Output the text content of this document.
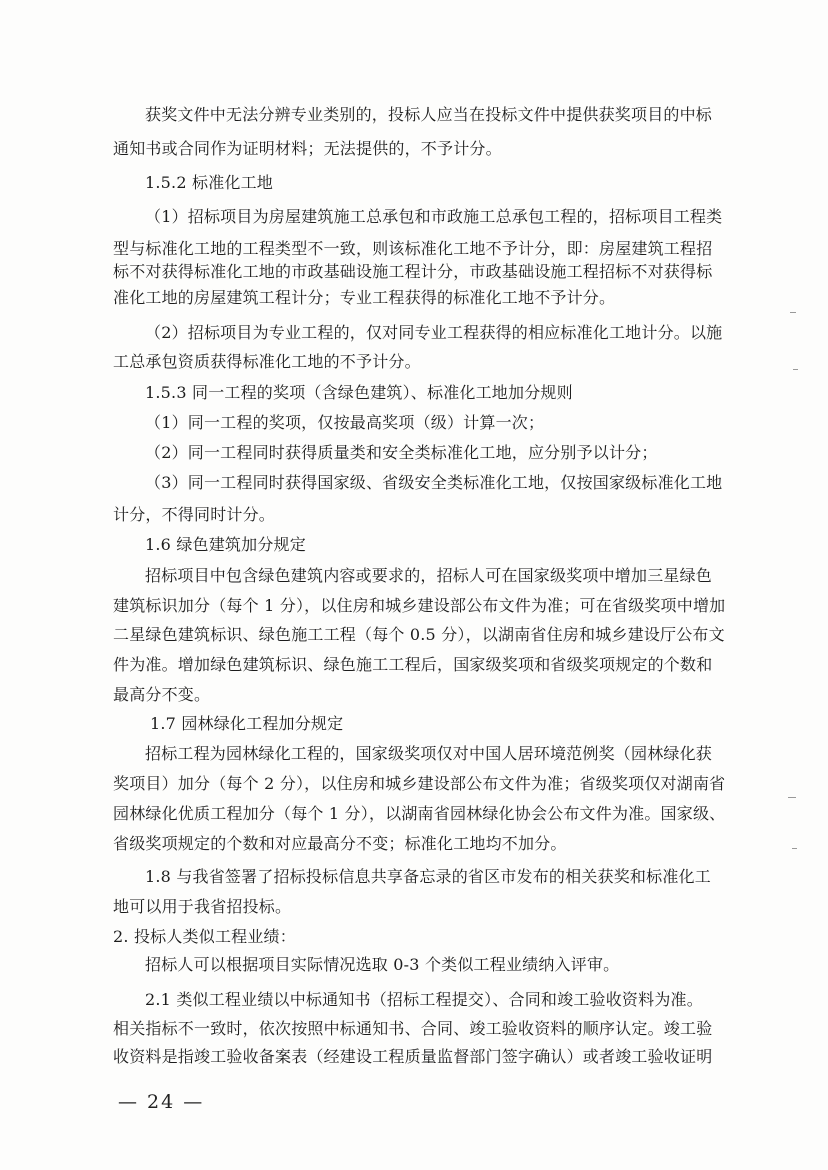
获奖文件中无法分辨专业类别的，投标人应当在投标文件中提供获奖项目的中标
通知书或合同作为证明材料；无法提供的，不予计分。
1.5.2 标准化工地
（1）招标项目为房屋建筑施工总承包和市政施工总承包工程的，招标项目工程类
型与标准化工地的工程类型不一致，则该标准化工地不予计分，即：房屋建筑工程招
标不对获得标准化工地的市政基础设施工程计分，市政基础设施工程招标不对获得标
准化工地的房屋建筑工程计分；专业工程获得的标准化工地不予计分。
（2）招标项目为专业工程的，仅对同专业工程获得的相应标准化工地计分。以施
工总承包资质获得标准化工地的不予计分。
1.5.3 同一工程的奖项（含绿色建筑）、标准化工地加分规则
（1）同一工程的奖项，仅按最高奖项（级）计算一次；
（2）同一工程同时获得质量类和安全类标准化工地，应分别予以计分；
（3）同一工程同时获得国家级、省级安全类标准化工地，仅按国家级标准化工地
计分，不得同时计分。
1.6 绿色建筑加分规定
招标项目中包含绿色建筑内容或要求的，招标人可在国家级奖项中增加三星绿色
建筑标识加分（每个 1 分），以住房和城乡建设部公布文件为准；可在省级奖项中增加
二星绿色建筑标识、绿色施工工程（每个 0.5 分），以湖南省住房和城乡建设厅公布文
件为准。增加绿色建筑标识、绿色施工工程后，国家级奖项和省级奖项规定的个数和
最高分不变。
1.7 园林绿化工程加分规定
招标工程为园林绿化工程的，国家级奖项仅对中国人居环境范例奖（园林绿化获
奖项目）加分（每个 2 分），以住房和城乡建设部公布文件为准；省级奖项仅对湖南省
园林绿化优质工程加分（每个 1 分），以湖南省园林绿化协会公布文件为准。国家级、
省级奖项规定的个数和对应最高分不变；标准化工地均不加分。
1.8 与我省签署了招标投标信息共享备忘录的省区市发布的相关获奖和标准化工
地可以用于我省招投标。
2. 投标人类似工程业绩：
招标人可以根据项目实际情况选取 0-3 个类似工程业绩纳入评审。
2.1 类似工程业绩以中标通知书（招标工程提交）、合同和竣工验收资料为准。
相关指标不一致时，依次按照中标通知书、合同、竣工验收资料的顺序认定。竣工验
收资料是指竣工验收备案表（经建设工程质量监督部门签字确认）或者竣工验收证明
— 24 —
